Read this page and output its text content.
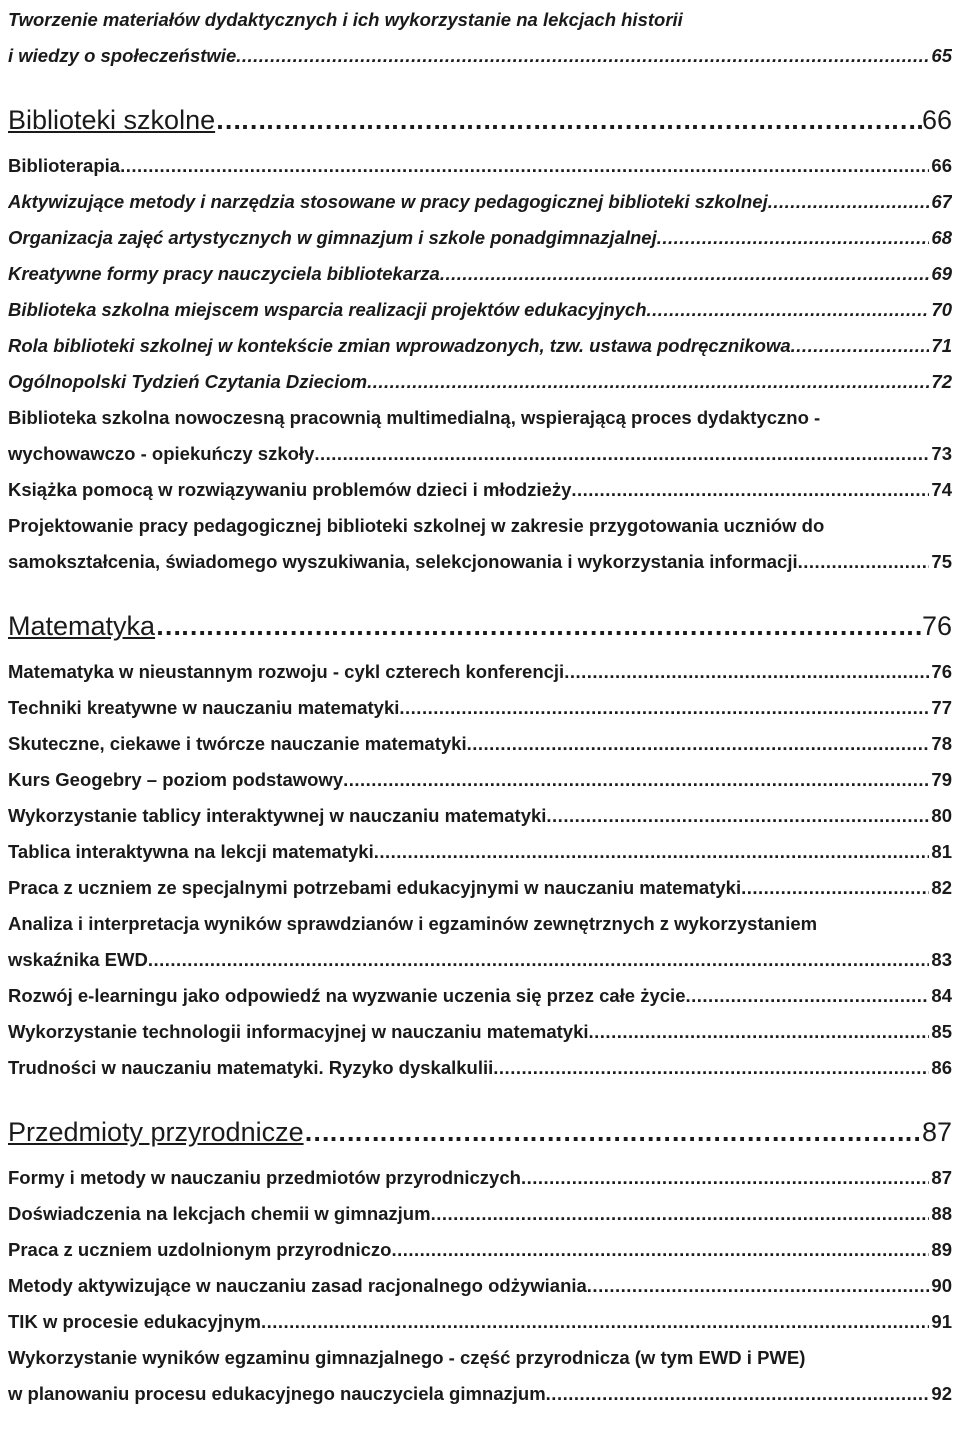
Tworzenie materiałów dydaktycznych i ich wykorzystanie na lekcjach historii
i wiedzy o społeczeństwie .....	65
Biblioteki szkolne ……………………………………………………………………………………………………………………………………………………………………………………	66
Biblioterapia .....	66
Aktywizujące metody i narzędzia stosowane w pracy pedagogicznej biblioteki szkolnej .....	67
Organizacja zajęć artystycznych w gimnazjum i szkole ponadgimnazjalnej .....	68
Kreatywne formy pracy nauczyciela bibliotekarza .....	69
Biblioteka szkolna miejscem wsparcia realizacji projektów edukacyjnych .....	70
Rola biblioteki szkolnej w kontekście zmian wprowadzonych, tzw. ustawa podręcznikowa .....	71
Ogólnopolski Tydzień Czytania Dzieciom .....	72
Biblioteka szkolna nowoczesną pracownią multimedialną, wspierającą proces dydaktyczno -
wychowawczo - opiekuńczy szkoły .....	73
Książka pomocą w rozwiązywaniu problemów dzieci i młodzieży .....	74
Projektowanie pracy pedagogicznej biblioteki szkolnej w zakresie przygotowania uczniów do
samokształcenia, świadomego wyszukiwania, selekcjonowania i wykorzystania informacji .....	75
Matematyka ……………………………………………………………………………………………………………………………………………………………………………………	76
Matematyka w nieustannym rozwoju - cykl czterech konferencji .....	76
Techniki kreatywne w nauczaniu matematyki .....	77
Skuteczne, ciekawe i twórcze nauczanie matematyki .....	78
Kurs Geogebry – poziom podstawowy .....	79
Wykorzystanie tablicy interaktywnej w nauczaniu matematyki .....	80
Tablica interaktywna na lekcji matematyki .....	81
Praca z uczniem ze specjalnymi potrzebami edukacyjnymi w nauczaniu matematyki .....	82
Analiza i interpretacja wyników sprawdzianów i egzaminów zewnętrznych z wykorzystaniem
wskaźnika EWD .....	83
Rozwój e-learningu jako odpowiedź na wyzwanie uczenia się przez całe życie .....	84
Wykorzystanie technologii informacyjnej w nauczaniu matematyki .....	85
Trudności w nauczaniu matematyki. Ryzyko dyskalkulii .....	86
Przedmioty przyrodnicze ……………………………………………………………………………………………………………………………………………………………………………………	87
Formy i metody w nauczaniu przedmiotów przyrodniczych .....	87
Doświadczenia na lekcjach chemii w gimnazjum .....	88
Praca z uczniem uzdolnionym przyrodniczo .....	89
Metody aktywizujące w nauczaniu zasad racjonalnego odżywiania .....	90
TIK w procesie edukacyjnym .....	91
Wykorzystanie wyników egzaminu gimnazjalnego - część przyrodnicza (w tym EWD i PWE)
w planowaniu procesu edukacyjnego nauczyciela gimnazjum .....	92
